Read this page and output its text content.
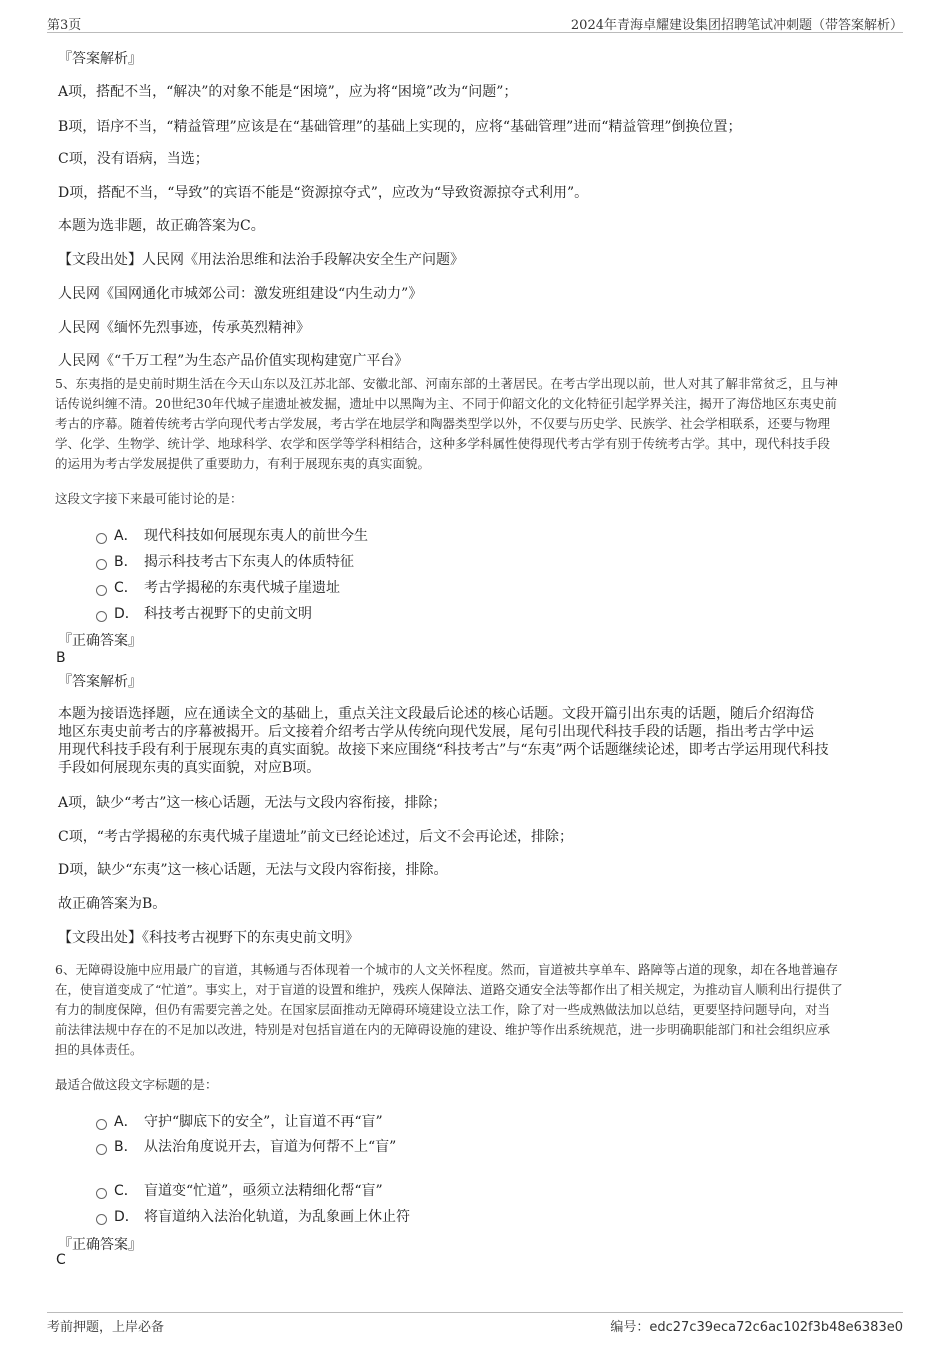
第3页	2024年青海卓耀建设集团招聘笔试冲刺题（带答案解析）
『答案解析』
A项，搭配不当，“解决”的对象不能是“困境”，应为将“困境”改为“问题”；
B项，语序不当，“精益管理”应该是在“基础管理”的基础上实现的，应将“基础管理”进而“精益管理”倒换位置；
C项，没有语病，当选；
D项，搭配不当，“导致”的宾语不能是“资源掠夺式”，应改为“导致资源掠夺式利用”。
本题为选非题，故正确答案为C。
【文段出处】人民网《用法治思维和法治手段解决安全生产问题》
人民网《国网通化市城郊公司：激发班组建设“内生动力”》
人民网《缅怀先烈事迹，传承英烈精神》
人民网《“千万工程”为生态产品价值实现构建宽广平台》
5、东夷指的是史前时期生活在今天山东以及江苏北部、安徽北部、河南东部的土著居民。在考古学出现以前，世人对其了解非常贫乏，且与神
话传说纠缠不清。20世纪30年代城子崖遗址被发掘，遗址中以黑陶为主、不同于仰韶文化的文化特征引起学界关注，揭开了海岱地区东夷史前
考古的序幕。随着传统考古学向现代考古学发展，考古学在地层学和陶器类型学以外，不仅要与历史学、民族学、社会学相联系，还要与物理
学、化学、生物学、统计学、地球科学、农学和医学等学科相结合，这种多学科属性使得现代考古学有别于传统考古学。其中，现代科技手段
的运用为考古学发展提供了重要助力，有利于展现东夷的真实面貌。
这段文字接下来最可能讨论的是：
A． 现代科技如何展现东夷人的前世今生
B． 揭示科技考古下东夷人的体质特征
C． 考古学揭秘的东夷代城子崖遗址
D． 科技考古视野下的史前文明
『正确答案』
B
『答案解析』
本题为接语选择题，应在通读全文的基础上，重点关注文段最后论述的核心话题。文段开篇引出东夷的话题，随后介绍海岱
地区东夷史前考古的序幕被揭开。后文接着介绍考古学从传统向现代发展，尾句引出现代科技手段的话题，指出考古学中运
用现代科技手段有利于展现东夷的真实面貌。故接下来应围绕“科技考古”与“东夷”两个话题继续论述，即考古学运用现代科技
手段如何展现东夷的真实面貌，对应B项。
A项，缺少“考古”这一核心话题，无法与文段内容衔接，排除；
C项，“考古学揭秘的东夷代城子崖遗址”前文已经论述过，后文不会再论述，排除；
D项，缺少“东夷”这一核心话题，无法与文段内容衔接，排除。
故正确答案为B。
【文段出处】《科技考古视野下的东夷史前文明》
6、无障碍设施中应用最广的盲道，其畅通与否体现着一个城市的人文关怀程度。然而，盲道被共享单车、路障等占道的现象，却在各地普遍存
在，使盲道变成了“忙道”。事实上，对于盲道的设置和维护，残疾人保障法、道路交通安全法等都作出了相关规定，为推动盲人顺利出行提供了
有力的制度保障，但仍有需要完善之处。在国家层面推动无障碍环境建设立法工作，除了对一些成熟做法加以总结，更要坚持问题导向，对当
前法律法规中存在的不足加以改进，特别是对包括盲道在内的无障碍设施的建设、维护等作出系统规范，进一步明确职能部门和社会组织应承
担的具体责任。
最适合做这段文字标题的是：
A． 守护“脚底下的安全”，让盲道不再“盲”
B． 从法治角度说开去，盲道为何帮不上“盲”
C． 盲道变“忙道”，亟须立法精细化帮“盲”
D． 将盲道纳入法治化轨道，为乱象画上休止符
『正确答案』
C
考前押题，上岸必备	编号：edc27c39eca72c6ac102f3b48e6383e0
